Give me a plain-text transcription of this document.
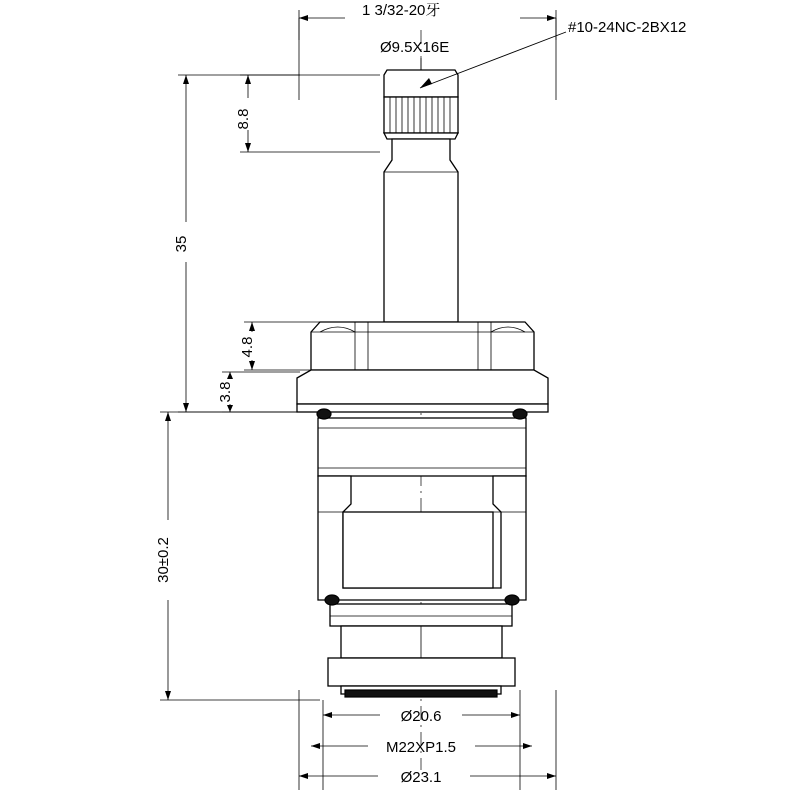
1 3/32-20牙
Ø9.5X16E
#10-24NC-2BX12
8.8
35
4.8
3.8
30±0.2
Ø20.6
M22XP1.5
Ø23.1
